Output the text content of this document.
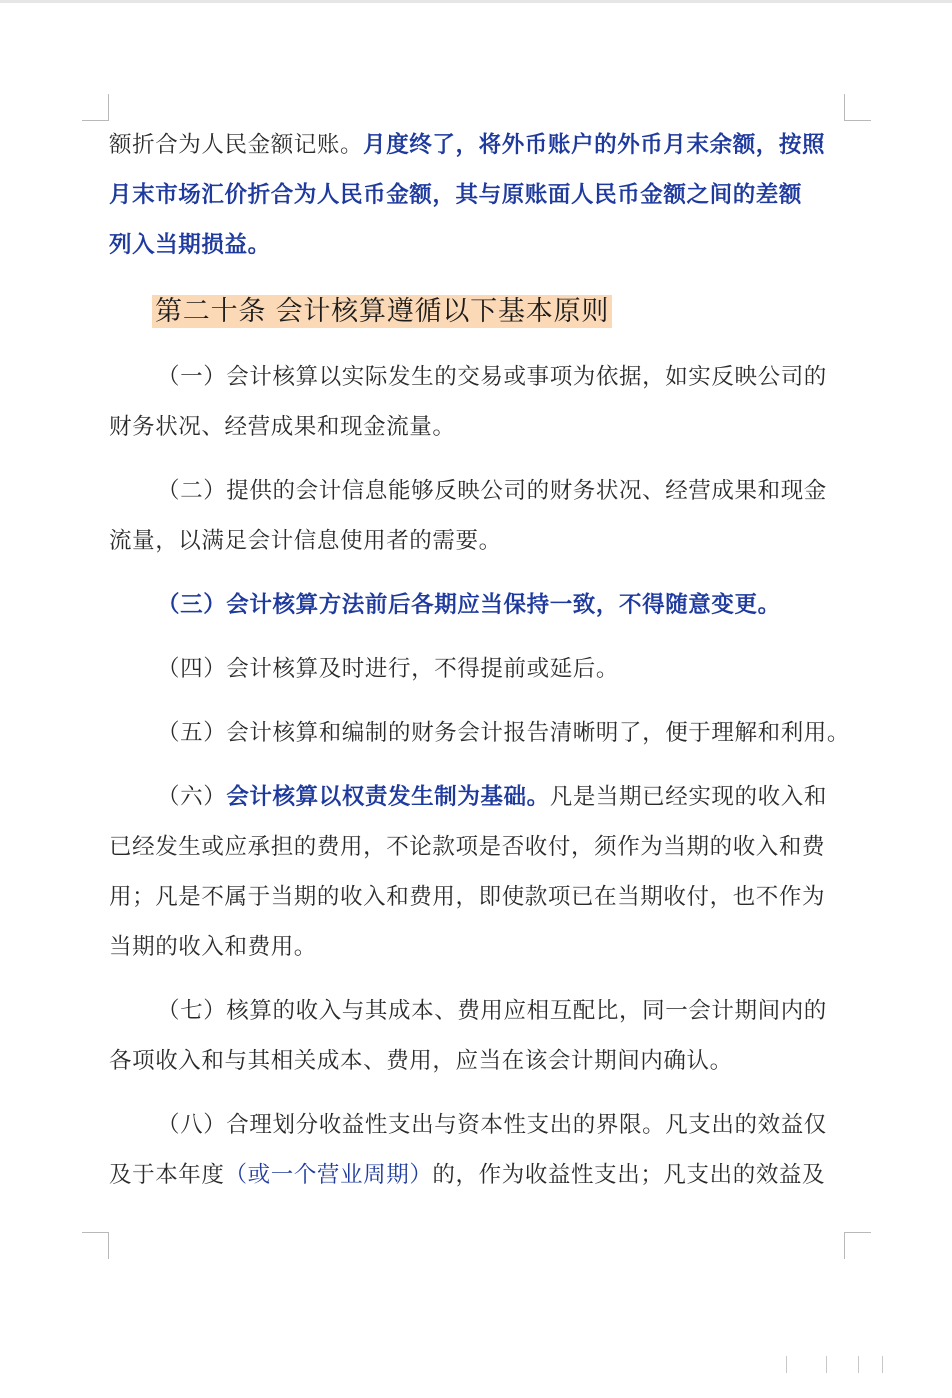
额折合为人民金额记账。月度终了，将外币账户的外币月末余额，按照

月末市场汇价折合为人民币金额，其与原账面人民币金额之间的差额

列入当期损益。

第二十条 会计核算遵循以下基本原则

（一）会计核算以实际发生的交易或事项为依据，如实反映公司的

财务状况、经营成果和现金流量。

（二）提供的会计信息能够反映公司的财务状况、经营成果和现金

流量，以满足会计信息使用者的需要。

（三）会计核算方法前后各期应当保持一致，不得随意变更。

（四）会计核算及时进行，不得提前或延后。

（五）会计核算和编制的财务会计报告清晰明了，便于理解和利用。

（六）会计核算以权责发生制为基础。凡是当期已经实现的收入和

已经发生或应承担的费用，不论款项是否收付，须作为当期的收入和费

用；凡是不属于当期的收入和费用，即使款项已在当期收付，也不作为

当期的收入和费用。

（七）核算的收入与其成本、费用应相互配比，同一会计期间内的

各项收入和与其相关成本、费用，应当在该会计期间内确认。

（八）合理划分收益性支出与资本性支出的界限。凡支出的效益仅

及于本年度（或一个营业周期）的，作为收益性支出；凡支出的效益及
